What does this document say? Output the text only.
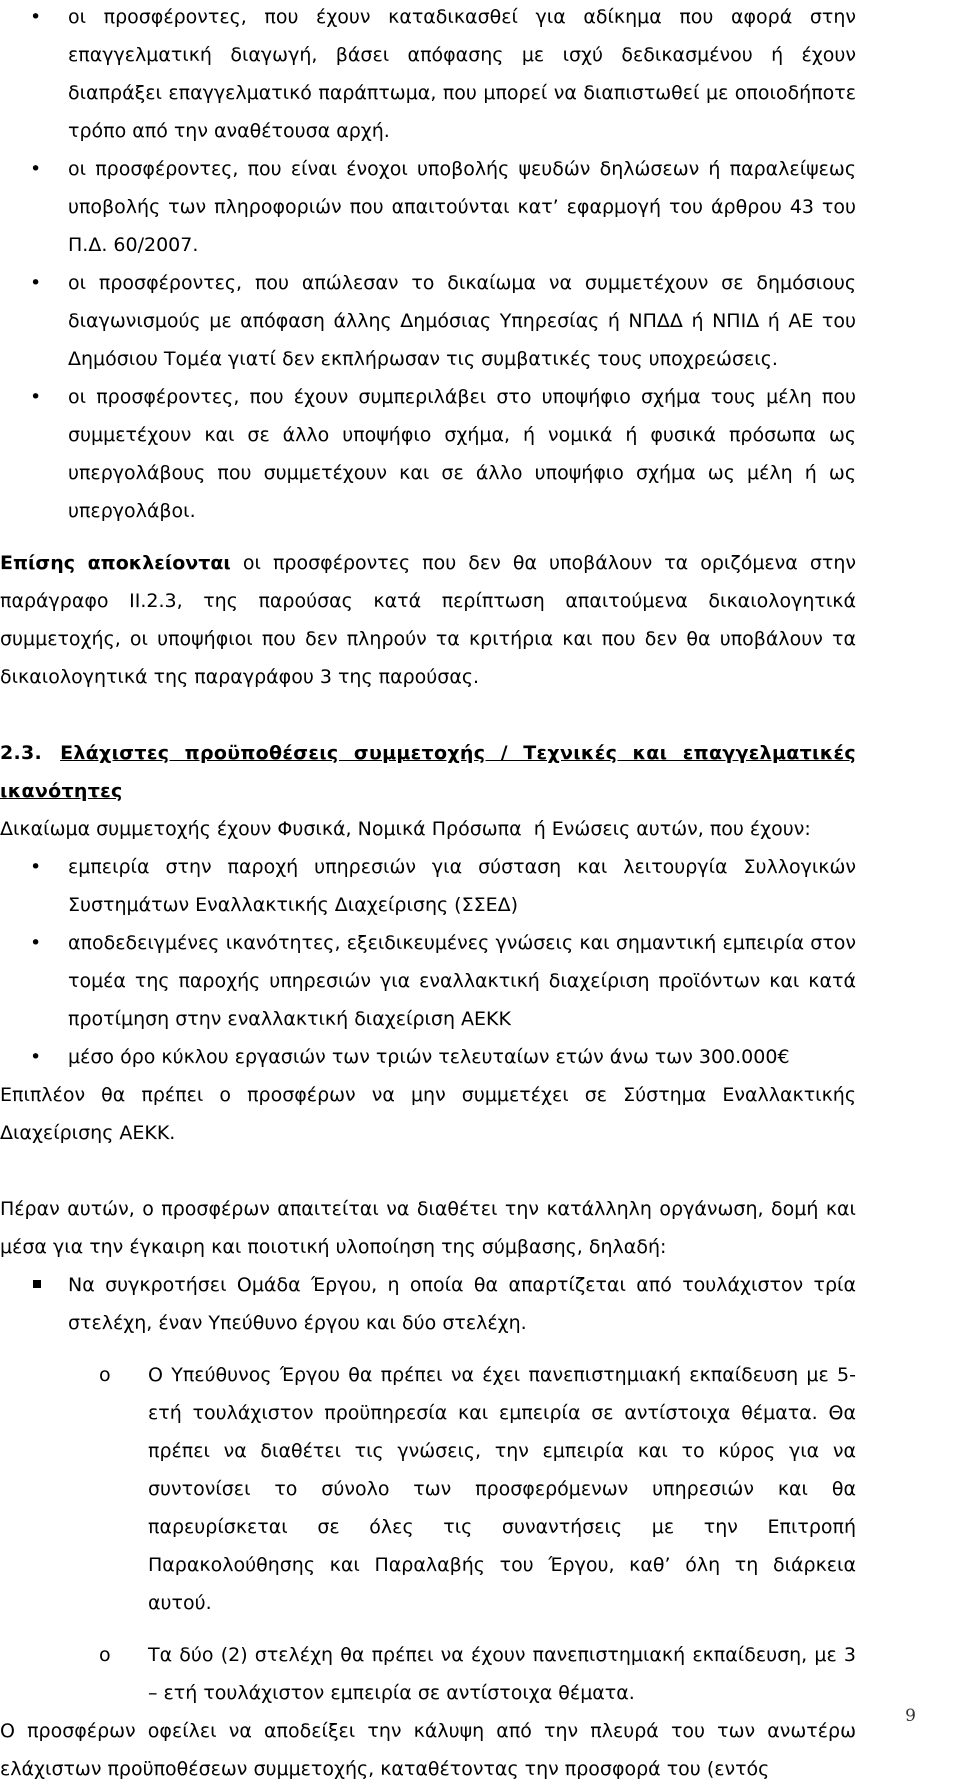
•	οι προσφέροντες, που έχουν καταδικασθεί για αδίκημα που αφορά στην επαγγελματική διαγωγή, βάσει απόφασης με ισχύ δεδικασμένου ή έχουν διαπράξει επαγγελματικό παράπτωμα, που μπορεί να διαπιστωθεί με οποιοδήποτε τρόπο από την αναθέτουσα αρχή.

•	οι προσφέροντες, που είναι ένοχοι υποβολής ψευδών δηλώσεων ή παραλείψεως υποβολής των πληροφοριών που απαιτούνται κατ’ εφαρμογή του άρθρου 43 του Π.Δ. 60/2007.

•	οι προσφέροντες, που απώλεσαν το δικαίωμα να συμμετέχουν σε δημόσιους διαγωνισμούς με απόφαση άλλης Δημόσιας Υπηρεσίας ή ΝΠΔΔ ή ΝΠΙΔ ή ΑΕ του Δημόσιου Τομέα γιατί δεν εκπλήρωσαν τις συμβατικές τους υποχρεώσεις.

•	οι προσφέροντες, που έχουν συμπεριλάβει στο υποψήφιο σχήμα τους μέλη που συμμετέχουν και σε άλλο υποψήφιο σχήμα, ή νομικά ή φυσικά πρόσωπα ως υπεργολάβους που συμμετέχουν και σε άλλο υποψήφιο σχήμα ως μέλη ή ως υπεργολάβοι.

Επίσης αποκλείονται οι προσφέροντες που δεν θα υποβάλουν τα οριζόμενα στην παράγραφο ΙΙ.2.3, της παρούσας κατά περίπτωση απαιτούμενα δικαιολογητικά συμμετοχής, οι υποψήφιοι που δεν πληρούν τα κριτήρια και που δεν θα υποβάλουν τα δικαιολογητικά της παραγράφου 3 της παρούσας.

2.3. Ελάχιστες προϋποθέσεις συμμετοχής / Τεχνικές και επαγγελματικές ικανότητες

Δικαίωμα συμμετοχής έχουν Φυσικά, Νομικά Πρόσωπα  ή Ενώσεις αυτών, που έχουν:

•	εμπειρία στην παροχή υπηρεσιών για σύσταση και λειτουργία Συλλογικών Συστημάτων Εναλλακτικής Διαχείρισης (ΣΣΕΔ)

•	αποδεδειγμένες ικανότητες, εξειδικευμένες γνώσεις και σημαντική εμπειρία στον τομέα της παροχής υπηρεσιών για εναλλακτική διαχείριση προϊόντων και κατά προτίμηση στην εναλλακτική διαχείριση ΑΕΚΚ

•	μέσο όρο κύκλου εργασιών των τριών τελευταίων ετών άνω των 300.000€

Επιπλέον θα πρέπει ο προσφέρων να μην συμμετέχει σε Σύστημα Εναλλακτικής Διαχείρισης ΑΕΚΚ.

Πέραν αυτών, ο προσφέρων απαιτείται να διαθέτει την κατάλληλη οργάνωση, δομή και μέσα για την έγκαιρη και ποιοτική υλοποίηση της σύμβασης, δηλαδή:

Να συγκροτήσει Ομάδα Έργου, η οποία θα απαρτίζεται από τουλάχιστον τρία στελέχη, έναν Υπεύθυνο έργου και δύο στελέχη.

o	Ο Υπεύθυνος Έργου θα πρέπει να έχει πανεπιστημιακή εκπαίδευση με 5-ετή τουλάχιστον προϋπηρεσία και εμπειρία σε αντίστοιχα θέματα. Θα πρέπει να διαθέτει τις γνώσεις, την εμπειρία και το κύρος για να συντονίσει το σύνολο των προσφερόμενων υπηρεσιών και θα παρευρίσκεται σε όλες τις συναντήσεις με την Επιτροπή Παρακολούθησης και Παραλαβής του Έργου, καθ’ όλη τη διάρκεια αυτού.

o	Τα δύο (2) στελέχη θα πρέπει να έχουν πανεπιστημιακή εκπαίδευση, με 3 – ετή τουλάχιστον εμπειρία σε αντίστοιχα θέματα.

Ο προσφέρων οφείλει να αποδείξει την κάλυψη από την πλευρά του των ανωτέρω ελάχιστων προϋποθέσεων συμμετοχής, καταθέτοντας την προσφορά του (εντός

9
